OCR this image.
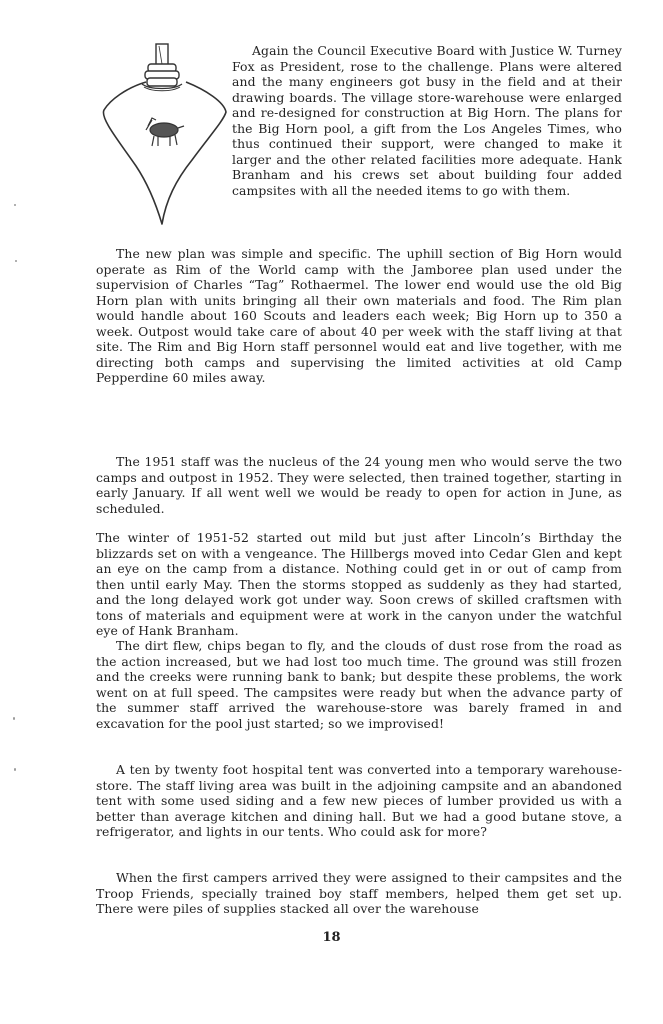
Again the Council Executive Board with Justice W. Turney Fox as President, rose to the challenge. Plans were altered and the many engineers got busy in the field and at their drawing boards. The village store-warehouse were enlarged and re-designed for construction at Big Horn. The plans for the Big Horn pool, a gift from the Los Angeles Times, who thus continued their support, were changed to make it larger and the other related facilities more adequate. Hank Branham and his crews set about building four added campsites with all the needed items to go with them.

The new plan was simple and specific. The uphill section of Big Horn would operate as Rim of the World camp with the Jamboree plan used under the supervision of Charles “Tag” Rothaermel. The lower end would use the old Big Horn plan with units bringing all their own materials and food. The Rim plan would handle about 160 Scouts and leaders each week; Big Horn up to 350 a week. Outpost would take care of about 40 per week with the staff living at that site. The Rim and Big Horn staff personnel would eat and live together, with me directing both camps and supervising the limited activities at old Camp Pepperdine 60 miles away.

The 1951 staff was the nucleus of the 24 young men who would serve the two camps and outpost in 1952. They were selected, then trained together, starting in early January. If all went well we would be ready to open for action in June, as scheduled.

The winter of 1951-52 started out mild but just after Lincoln’s Birthday the blizzards set on with a vengeance. The Hillbergs moved into Cedar Glen and kept an eye on the camp from a distance. Nothing could get in or out of camp from then until early May. Then the storms stopped as suddenly as they had started, and the long delayed work got under way. Soon crews of skilled craftsmen with tons of materials and equipment were at work in the canyon under the watchful eye of Hank Branham.

The dirt flew, chips began to fly, and the clouds of dust rose from the road as the action increased, but we had lost too much time. The ground was still frozen and the creeks were running bank to bank; but despite these problems, the work went on at full speed. The campsites were ready but when the advance party of the summer staff arrived the warehouse-store was barely framed in and excavation for the pool just started; so we improvised!

A ten by twenty foot hospital tent was converted into a temporary warehouse-store. The staff living area was built in the adjoining campsite and an abandoned tent with some used siding and a few new pieces of lumber provided us with a better than average kitchen and dining hall. But we had a good butane stove, a refrigerator, and lights in our tents. Who could ask for more?

When the first campers arrived they were assigned to their campsites and the Troop Friends, specially trained boy staff members, helped them get set up. There were piles of supplies stacked all over the warehouse

18
